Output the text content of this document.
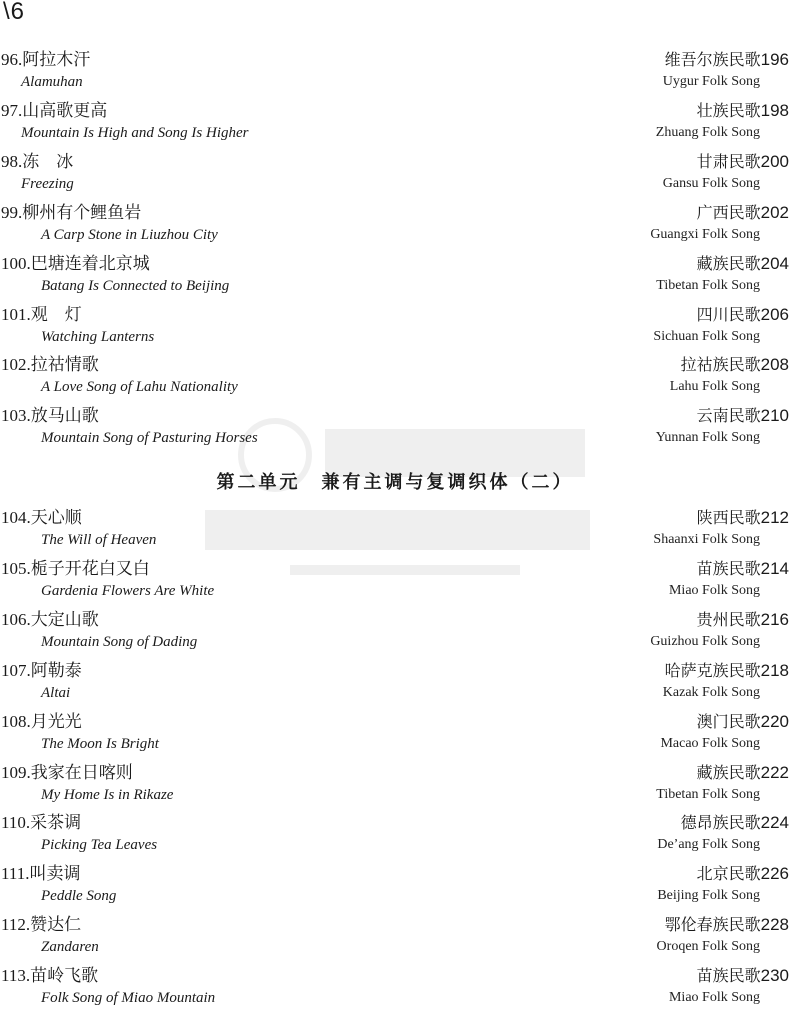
\6
96.阿拉木汗
Alamuhan
维吾尔族民歌196
Uygur Folk Song
97.山高歌更高
Mountain Is High and Song Is Higher
壮族民歌198
Zhuang Folk Song
98.冻　冰
Freezing
甘肃民歌200
Gansu Folk Song
99.柳州有个鲤鱼岩
A Carp Stone in Liuzhou City
广西民歌202
Guangxi Folk Song
100.巴塘连着北京城
Batang Is Connected to Beijing
藏族民歌204
Tibetan Folk Song
101.观　灯
Watching Lanterns
四川民歌206
Sichuan Folk Song
102.拉祜情歌
A Love Song of Lahu Nationality
拉祜族民歌208
Lahu Folk Song
103.放马山歌
Mountain Song of Pasturing Horses
云南民歌210
Yunnan Folk Song
104.天心顺
The Will of Heaven
陕西民歌212
Shaanxi Folk Song
105.栀子开花白又白
Gardenia Flowers Are White
苗族民歌214
Miao Folk Song
106.大定山歌
Mountain Song of Dading
贵州民歌216
Guizhou Folk Song
107.阿勒泰
Altai
哈萨克族民歌218
Kazak Folk Song
108.月光光
The Moon Is Bright
澳门民歌220
Macao Folk Song
109.我家在日喀则
My Home Is in Rikaze
藏族民歌222
Tibetan Folk Song
110.采茶调
Picking Tea Leaves
德昂族民歌224
De’ang Folk Song
111.叫卖调
Peddle Song
北京民歌226
Beijing Folk Song
112.赞达仁
Zandaren
鄂伦春族民歌228
Oroqen Folk Song
113.苗岭飞歌
Folk Song of Miao Mountain
苗族民歌230
Miao Folk Song
第二单元　兼有主调与复调织体（二）
